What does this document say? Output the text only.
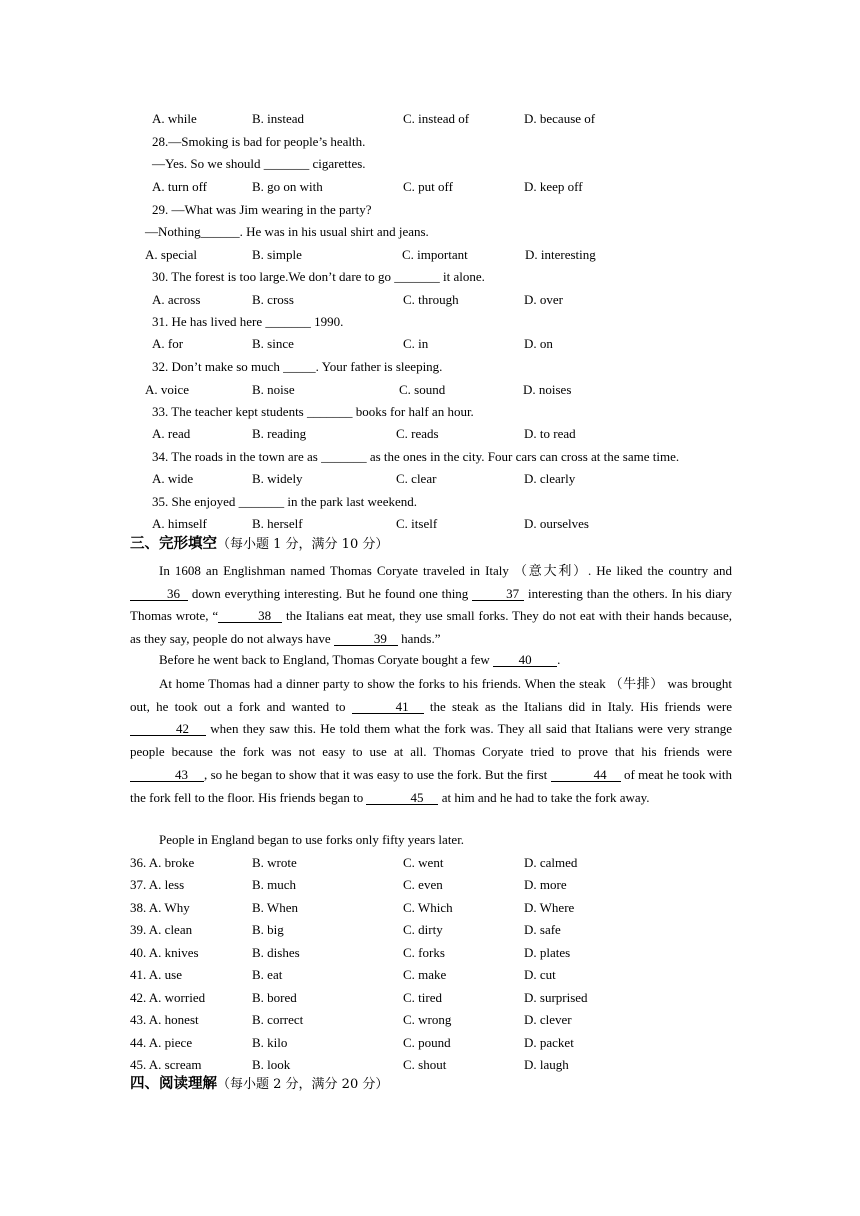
A. while	B. instead	C. instead of	D. because of
28.—Smoking is bad for people’s health.
—Yes. So we should _______ cigarettes.
A. turn off	B. go on with	C. put off	D. keep off
29. —What was Jim wearing in the party?
—Nothing______. He was in his usual shirt and jeans.
A. special	B. simple	C. important	D. interesting
30. The forest is too large.We don’t dare to go _______ it alone.
A. across	B. cross	C. through	D. over
31. He has lived here _______ 1990.
A. for	B. since	C. in	D. on
32. Don’t make so much _____. Your father is sleeping.
A. voice	B. noise	C. sound	D. noises
33. The teacher kept students _______ books for half an hour.
A. read	B. reading	C. reads	D. to read
34. The roads in the town are as _______ as the ones in the city. Four cars can cross at the same time.
A. wide	B. widely	C. clear	D. clearly
35. She enjoyed _______ in the park last weekend.
A. himself	B. herself	C. itself	D. ourselves
三、完形填空（每小题 1 分，满分 10 分）
In 1608 an Englishman named Thomas Coryate traveled in Italy （意大利）. He liked the country and 36 down everything interesting. But he found one thing	37 interesting than the others. In his diary Thomas wrote, “	38 the Italians eat meat, they use small forks. They do not eat with their hands because, as they say, people do not always have	39 hands.”
Before he went back to England, Thomas Coryate bought a few 40 .
At home Thomas had a dinner party to show the forks to his friends. When the steak （牛排） was brought out, he took out a fork and wanted to	41 the steak as the Italians did in Italy. His friends were 42 when they saw this. He told them what the fork was. They all said that Italians were very strange people because the fork was not easy to use at all. Thomas Coryate tried to prove that his friends were 43 , so he began to show that it was easy to use the fork. But the first	44 of meat he took with the fork fell to the floor. His friends began to	45 at him and he had to take the fork away.
People in England began to use forks only fifty years later.
36. A. broke	B. wrote	C. went	D. calmed
37. A. less	B. much	C. even	D. more
38. A. Why	B. When	C. Which	D. Where
39. A. clean	B. big	C. dirty	D. safe
40. A. knives	B. dishes	C. forks	D. plates
41. A. use	B. eat	C. make	D. cut
42. A. worried	B. bored	C. tired	D. surprised
43. A. honest	B. correct	C. wrong	D. clever
44. A. piece	B. kilo	C. pound	D. packet
45. A. scream	B. look	C. shout	D. laugh
四、阅读理解（每小题 2 分，满分 20 分）
